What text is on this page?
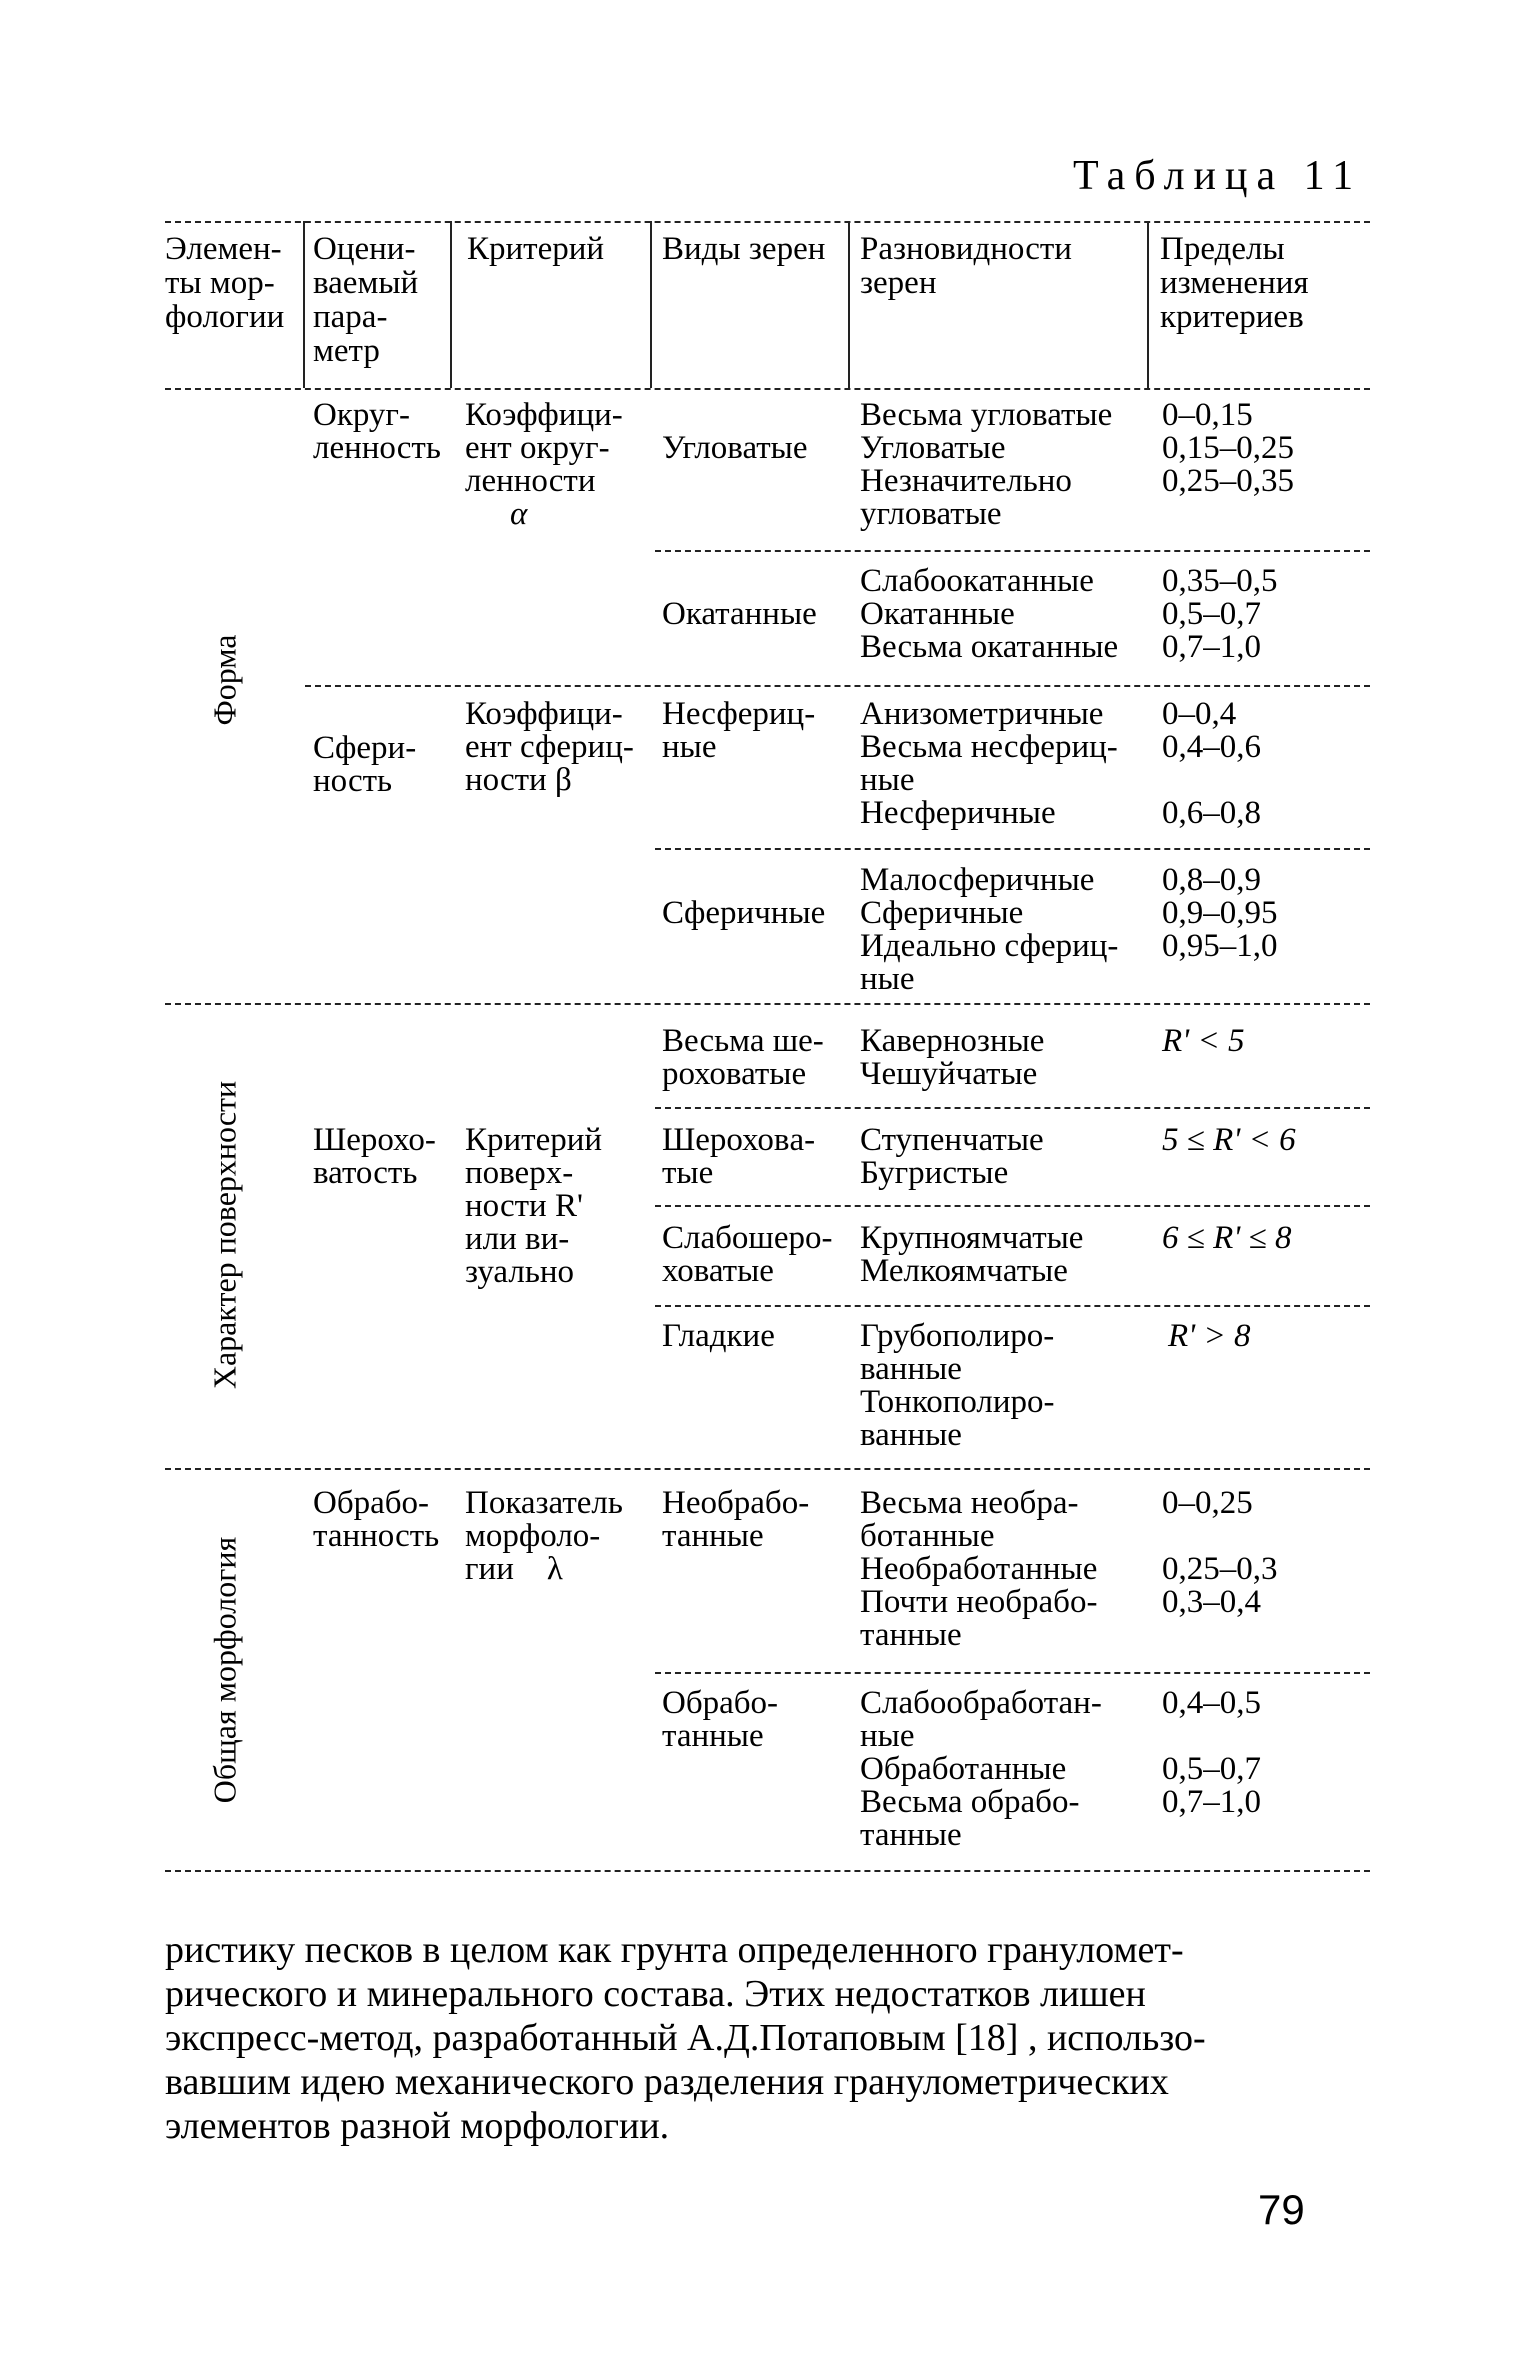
Таблица 11
Элемен-
ты мор-
фологии
Оцени-
ваемый
пара-
метр
Критерий Виды зерен Разновидности
зерен
Пределы
изменения
критериев
Форма
Характер поверхности
Общая морфология
Округ-
ленность
Коэффици-
ент округ-
ленности
α
Угловатые
Весьма угловатые
Угловатые
Незначительно
угловатые
0–0,15
0,15–0,25
0,25–0,35
Окатанные
Слабоокатанные
Окатанные
Весьма окатанные
0,35–0,5
0,5–0,7
0,7–1,0
Сфери-
ность
Коэффици-
ент сфериц-
ности β
Несфериц-
ные
Анизометричные
Весьма несфериц-
ные
Несферичные
0–0,4
0,4–0,6
0,6–0,8
Сферичные
Малосферичные
Сферичные
Идеально сфериц-
ные
0,8–0,9
0,9–0,95
0,95–1,0
Шерохо-
ватость
Критерий
поверх-
ности R'
или ви-
зуально
Весьма ше-
роховатые
Кавернозные
Чешуйчатые
R' < 5
Шероховa-
тые
Ступенчатые
Бугристые
5 ≤ R' < 6
Слабошеро-
ховатые
Крупноямчатые
Мелкоямчатые
6 ≤ R' ≤ 8
Гладкие	Грубополиро-
ванные
Тонкополиро-
ванные
R' > 8
Обрабо-
танность
Показатель
морфоло-
гии    λ
Необрабо-
танные
Весьма необра-
ботанные
Необработанные
Почти необрабо-
танные
0–0,25
0,25–0,3
0,3–0,4
Обрабо-
танные
Слабообработан-
ные
Обработанные
Весьма обрабо-
танные
0,4–0,5
0,5–0,7
0,7–1,0
ристику песков в целом как грунта определенного грануломет-
рического и минерального состава. Этих недостатков лишен
экспресс-метод, разработанный А.Д.Потаповым [18] , использо-
вавшим идею механического разделения гранулометрических
элементов разной морфологии.
79
